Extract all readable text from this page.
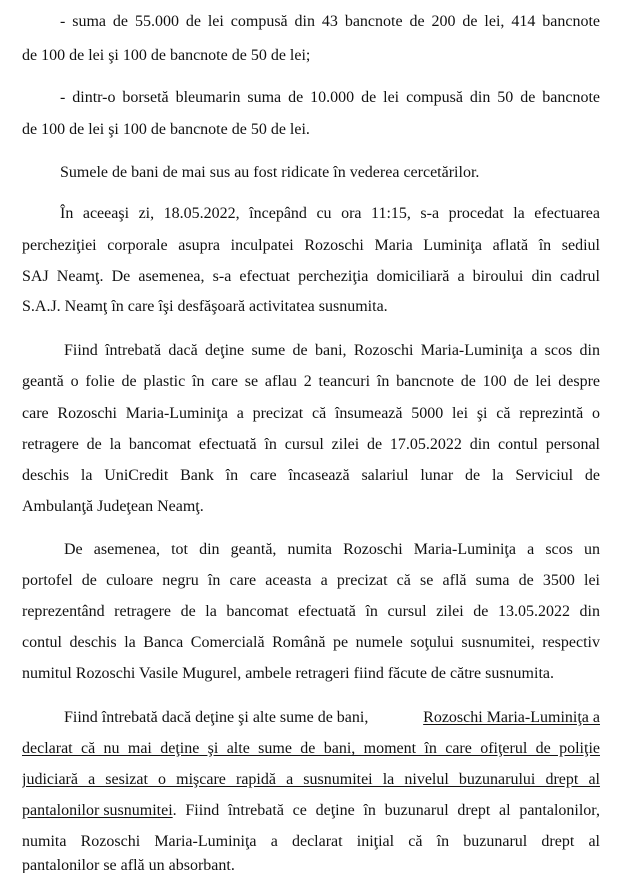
- suma de 55.000 de lei compusă din 43 bancnote de 200 de lei, 414 bancnote
de 100 de lei şi 100 de bancnote de 50 de lei;
- dintr-o borsetă bleumarin suma de 10.000 de lei compusă din 50 de bancnote
de 100 de lei şi 100 de bancnote de 50 de lei.
Sumele de bani de mai sus au fost ridicate în vederea cercetărilor.
În aceeaşi zi, 18.05.2022, începând cu ora 11:15, s-a procedat la efectuarea
percheziţiei corporale asupra inculpatei Rozoschi Maria Luminiţa aflată în sediul
SAJ Neamţ. De asemenea, s-a efectuat percheziţia domiciliară a biroului din cadrul
S.A.J. Neamţ în care îşi desfăşoară activitatea susnumita.
Fiind întrebată dacă deţine sume de bani, Rozoschi Maria-Luminiţa a scos din
geantă o folie de plastic în care se aflau 2 teancuri în bancnote de 100 de lei despre
care Rozoschi Maria-Luminiţa a precizat că însumează 5000 lei şi că reprezintă o
retragere de la bancomat efectuată în cursul zilei de 17.05.2022 din contul personal
deschis la UniCredit Bank în care încasează salariul lunar de la Serviciul de
Ambulanţă Judeţean Neamţ.
De asemenea, tot din geantă, numita Rozoschi Maria-Luminiţa a scos un
portofel de culoare negru în care aceasta a precizat că se află suma de 3500 lei
reprezentând retragere de la bancomat efectuată în cursul zilei de 13.05.2022 din
contul deschis la Banca Comercială Română pe numele soţului susnumitei, respectiv
numitul Rozoschi Vasile Mugurel, ambele retrageri fiind făcute de către susnumita.
Fiind întrebată dacă deţine şi alte sume de bani,	Rozoschi Maria-Luminiţa a
declarat că nu mai deţine şi alte sume de bani, moment în care ofiţerul de poliţie
judiciară a sesizat o mişcare rapidă a susnumitei la nivelul buzunarului drept al
pantalonilor susnumitei . Fiind întrebată ce deţine în buzunarul drept al pantalonilor,
numita Rozoschi Maria-Luminiţa a declarat iniţial că în buzunarul drept al
pantalonilor se află un absorbant.
